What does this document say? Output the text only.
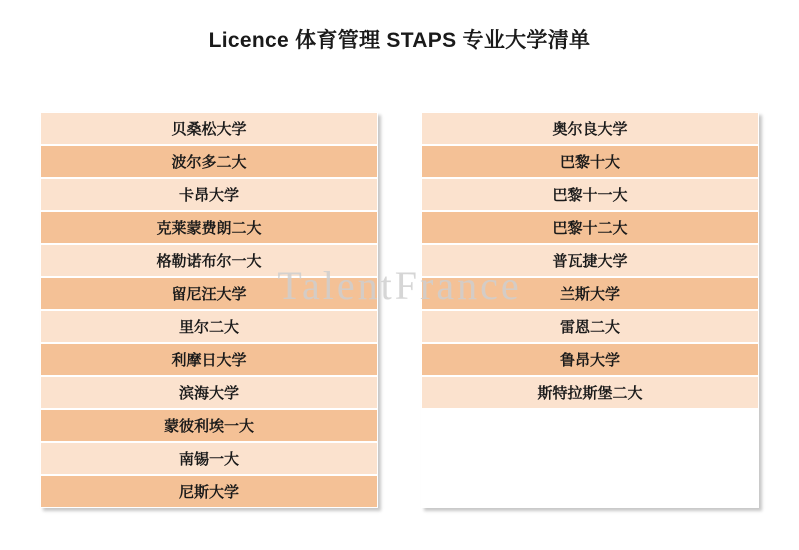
Licence 体育管理 STAPS 专业大学清单
贝桑松大学
波尔多二大
卡昂大学
克莱蒙费朗二大
格勒诺布尔一大
留尼汪大学
里尔二大
利摩日大学
滨海大学
蒙彼利埃一大
南锡一大
尼斯大学
奥尔良大学
巴黎十大
巴黎十一大
巴黎十二大
普瓦捷大学
兰斯大学
雷恩二大
鲁昂大学
斯特拉斯堡二大
TalentFrance
